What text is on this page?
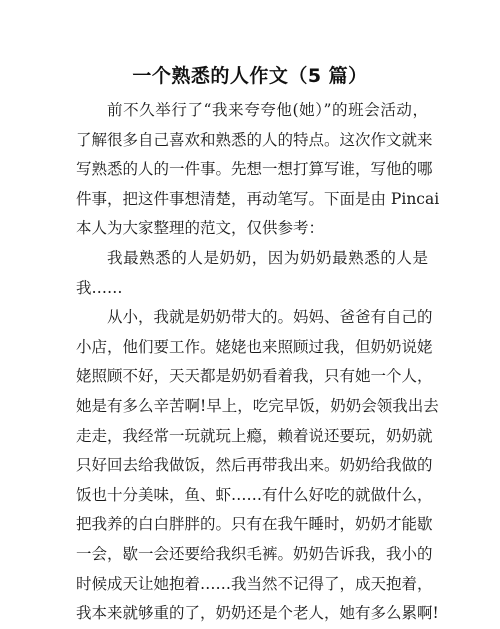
一个熟悉的人作文（5 篇）
前不久举行了“我来夸夸他(她）”的班会活动，
了解很多自己喜欢和熟悉的人的特点。这次作文就来
写熟悉的人的一件事。先想一想打算写谁，写他的哪
件事，把这件事想清楚，再动笔写。下面是由 Pincai
本人为大家整理的范文，仅供参考：
我最熟悉的人是奶奶，因为奶奶最熟悉的人是
我……
从小，我就是奶奶带大的。妈妈、爸爸有自己的
小店，他们要工作。姥姥也来照顾过我，但奶奶说姥
姥照顾不好，天天都是奶奶看着我，只有她一个人，
她是有多么辛苦啊!早上，吃完早饭，奶奶会领我出去
走走，我经常一玩就玩上瘾，赖着说还要玩，奶奶就
只好回去给我做饭，然后再带我出来。奶奶给我做的
饭也十分美味，鱼、虾……有什么好吃的就做什么，
把我养的白白胖胖的。只有在我午睡时，奶奶才能歇
一会，歇一会还要给我织毛裤。奶奶告诉我，我小的
时候成天让她抱着……我当然不记得了，成天抱着，
我本来就够重的了，奶奶还是个老人，她有多么累啊!
